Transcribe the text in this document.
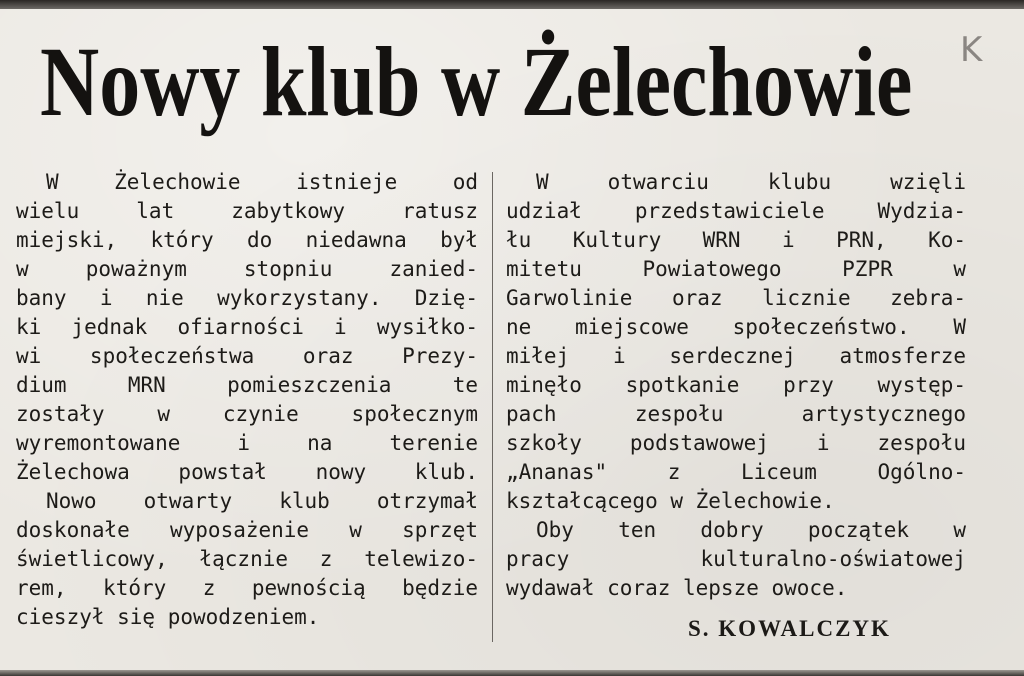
Nowy klub w Żelechowie K
W Żelechowie istnieje od
wielu lat zabytkowy ratusz
miejski, który do niedawna był
w poważnym stopniu zanied-
bany i nie wykorzystany. Dzię-
ki jednak ofiarności i wysiłko-
wi społeczeństwa oraz Prezy-
dium MRN pomieszczenia te
zostały w czynie społecznym
wyremontowane i na terenie
Żelechowa powstał nowy klub.
Nowo otwarty klub otrzymał
doskonałe wyposażenie w sprzęt
świetlicowy, łącznie z telewizo-
rem, który z pewnością będzie
cieszył się powodzeniem.
W otwarciu klubu wzięli
udział przedstawiciele Wydzia-
łu Kultury WRN i PRN, Ko-
mitetu Powiatowego PZPR w
Garwolinie oraz licznie zebra-
ne miejscowe społeczeństwo. W
miłej i serdecznej atmosferze
minęło spotkanie przy występ-
pach zespołu artystycznego
szkoły podstawowej i zespołu
„Ananas" z Liceum Ogólno-
kształcącego w Żelechowie.
Oby ten dobry początek w
pracy kulturalno-oświatowej
wydawał coraz lepsze owoce.
S. KOWALCZYK
